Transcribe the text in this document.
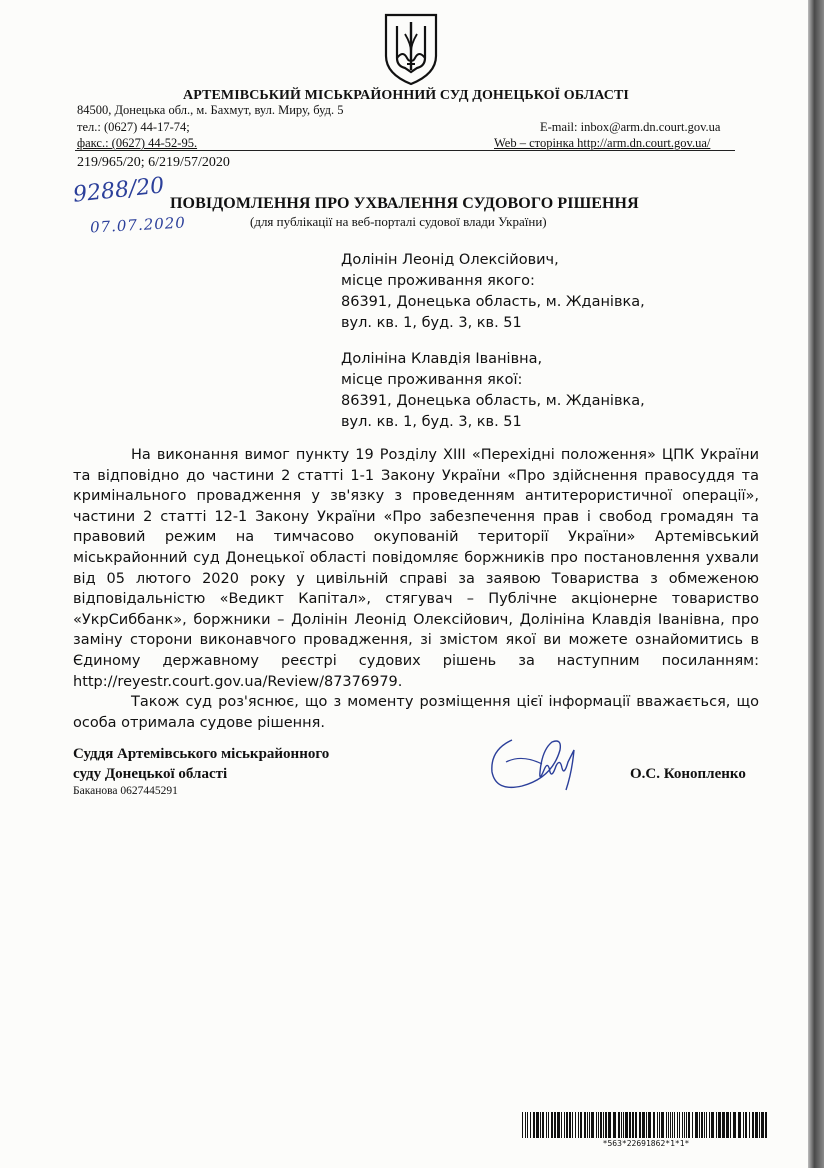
АРТЕМІВСЬКИЙ МІСЬКРАЙОННИЙ СУД ДОНЕЦЬКОЇ ОБЛАСТІ
84500, Донецька обл., м. Бахмут, вул. Миру, буд. 5
тел.: (0627) 44-17-74;	E-mail: inbox@arm.dn.court.gov.ua
факс.: (0627) 44-52-95.	Web – сторінка http://arm.dn.court.gov.ua/
219/965/20; 6/219/57/2020
9288/20
07.07.2020
ПОВІДОМЛЕННЯ ПРО УХВАЛЕННЯ СУДОВОГО РІШЕННЯ
(для публікації на веб-порталі судової влади України)
Долінін Леонід Олексійович,
місце проживання якого:
86391, Донецька область, м. Жданівка,
вул. кв. 1, буд. 3, кв. 51
Долініна Клавдія Іванівна,
місце проживання якої:
86391, Донецька область, м. Жданівка,
вул. кв. 1, буд. 3, кв. 51

На виконання вимог пункту 19 Розділу XIII «Перехідні положення» ЦПК України та відповідно до частини 2 статті 1-1 Закону України «Про здійснення правосуддя та кримінального провадження у зв'язку з проведенням антитерористичної операції», частини 2 статті 12-1 Закону України «Про забезпечення прав і свобод громадян та правовий режим на тимчасово окупованій території України» Артемівський міськрайонний суд Донецької області повідомляє боржників про постановлення ухвали від 05 лютого 2020 року у цивільній справі за заявою Товариства з обмеженою відповідальністю «Ведикт Капітал», стягувач – Публічне акціонерне товариство «УкрСиббанк», боржники – Долінін Леонід Олексійович, Долініна Клавдія Іванівна, про заміну сторони виконавчого провадження, зі змістом якої ви можете ознайомитись в Єдиному державному реєстрі судових рішень за наступним посиланням: http://reyestr.court.gov.ua/Review/87376979.

Також суд роз'яснює, що з моменту розміщення цієї інформації вважається, що особа отримала судове рішення.

Суддя Артемівського міськрайонного
суду Донецької області
Баканова 0627445291
О.С. Конопленко
*563*22691862*1*1*
